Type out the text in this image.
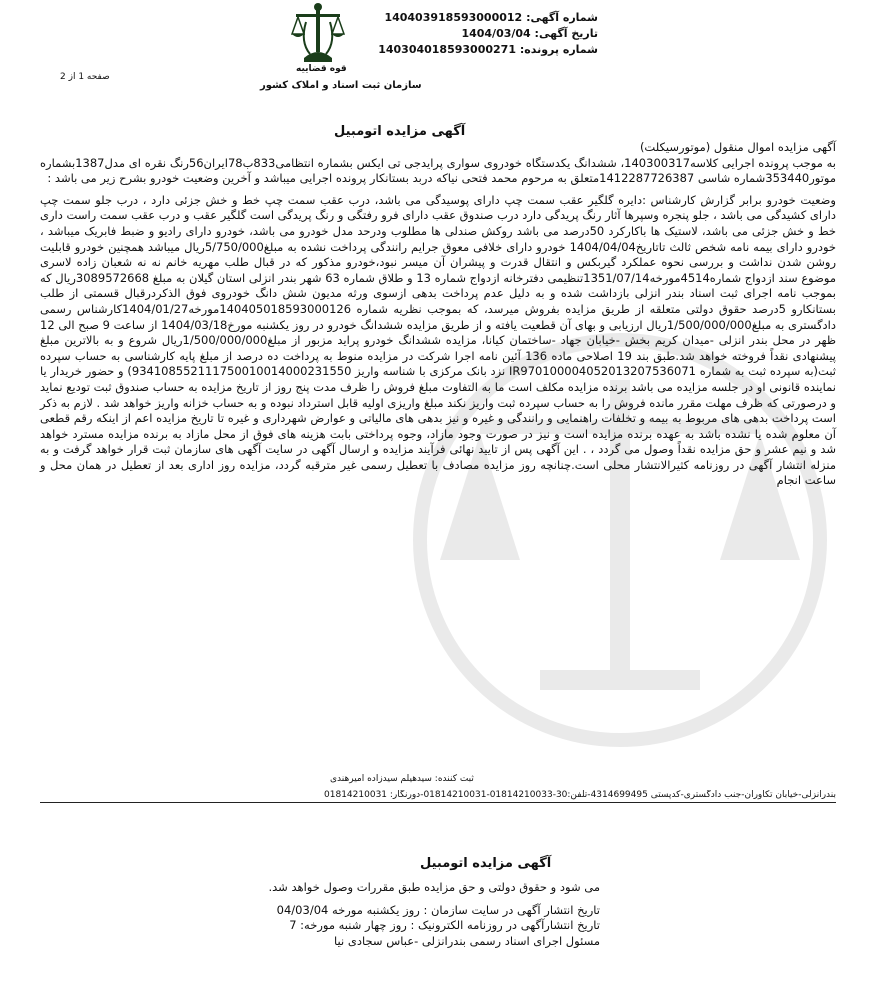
قوه قضاییه
سازمان ثبت اسناد و املاک کشور
شماره آگهی: 140403918593000012
تاریخ آگهی: 1404/03/04
شماره پرونده: 140304018593000271
صفحه 1 از 2
آگهی مزایده اتومبیل

آگهی مزایده اموال منقول (موتورسیکلت)

به موجب پرونده اجرایی کلاسه140300317، ششدانگ یکدستگاه خودروی سواری پرایدجی تی ایکس بشماره انتظامی833ب78ایران56رنگ نقره ای مدل1387بشماره موتور353440شماره شاسی 1412287726387متعلق به مرحوم محمد فتحی نیاکه دربد بستانکار پرونده اجرایی میباشد و آخرین وضعیت خودرو بشرح زیر می باشد :

وضعیت خودرو برابر گزارش کارشناس :دایره گلگیر عقب سمت چپ دارای پوسیدگی می باشد، درب عقب سمت چپ خط و خش جزئی دارد ، درب جلو سمت چپ دارای کشیدگی می باشد ، جلو پنجره وسپرها آثار رنگ پریدگی دارد درب صندوق عقب دارای فرو رفتگی و رنگ پریدگی است گلگیر عقب و درب عقب سمت راست داری خط و خش جزئی می باشد، لاستیک ها باکارکرد 50درصد می باشد روکش صندلی ها مطلوب ودرحد مدل خودرو می باشد، خودرو دارای رادیو و ضبط فابریک میباشد ، خودرو دارای بیمه نامه شخص ثالث تاتاریخ1404/04/04 خودرو دارای خلافی معوق جرایم رانندگی پرداخت نشده به مبلغ5/750/000ریال میباشد همچنین خودرو قابلیت روشن شدن نداشت و بررسی نحوه عملکرد گیربکس و انتقال قدرت و پیشران آن میسر نبود،خودرو مذکور که در قبال طلب مهریه خانم نه نه شعبان زاده لاسری موضوع سند ازدواج شماره4514مورخه1351/07/14تنظیمی دفترخانه ازدواج شماره 13 و طلاق شماره 63 شهر بندر انزلی استان گیلان به مبلغ 3089572668ریال که بموجب نامه اجرای ثبت اسناد بندر انزلی بازداشت شده و به دلیل عدم پرداخت بدهی ازسوی ورثه مدیون شش دانگ خودروی فوق الذکردرقبال قسمتی از طلب بستانکارو 5درصد حقوق دولتی متعلقه از طریق مزایده بفروش میرسد، که بموجب نظریه شماره 140405018593000126مورخه1404/01/27کارشناس رسمی دادگستری به مبلغ1/500/000/000ریال ارزیابی و بهای آن قطعیت یافته و از طریق مزایده ششدانگ خودرو در روز یکشنبه مورخ1404/03/18 از ساعت 9 صبح الی 12 ظهر در محل بندر انزلی -میدان کریم بخش -خیابان جهاد -ساختمان کیانا، مزایده ششدانگ خودرو پراید مزبور از مبلغ1/500/000/000ریال شروع و به بالاترین مبلغ پیشنهادی نقداً فروخته خواهد شد.طبق بند 19 اصلاحی ماده 136 آئین نامه اجرا شرکت در مزایده منوط به پرداخت ده درصد از مبلغ پایه کارشناسی به حساب سپرده ثبت(به سپرده ثبت به شماره IR970100004052013207536071 نزد بانک مرکزی با شناسه واریز 934108552111750010014000231550) و حضور خریدار یا نماینده قانونی او در جلسه مزایده می باشد برنده مزایده مکلف است ما به التفاوت مبلغ فروش را ظرف مدت پنج روز از تاریخ مزایده به حساب صندوق ثبت تودیع نماید و درصورتی که ظرف مهلت مقرر مانده فروش را به حساب سپرده ثبت واریز نکند مبلغ واریزی اولیه قابل استرداد نبوده و به حساب خزانه واریز خواهد شد . لازم به ذکر است پرداخت بدهی های مربوط به بیمه و تخلفات راهنمایی و رانندگی و غیره و نیز بدهی های مالیاتی و عوارض شهرداری و غیره تا تاریخ مزایده اعم از اینکه رقم قطعی آن معلوم شده یا نشده باشد به عهده برنده مزایده است و نیز در صورت وجود مازاد، وجوه پرداختی بابت هزینه های فوق از محل مازاد به برنده مزایده مسترد خواهد شد و نیم عشر و حق مزایده نقداً وصول می گردد ، . این آگهی پس از تایید نهائی فرآیند مزایده و ارسال آگهی در سایت آگهی های سازمان ثبت قرار خواهد گرفت و به منزله انتشار آگهی در روزنامه کثیرالانتشار محلی است.چنانچه روز مزایده مصادف با تعطیل رسمی غیر مترقبه گردد، مزایده روز اداری بعد از تعطیل در همان محل و ساعت انجام

ثبت کننده: سیدهیلم سیدزاده امیرهندی
بندرانزلی-خیابان تکاوران-جنب دادگستری-کدپستی 4314699495-تلفن:30-01814210033-01814210031-دورنگار: 01814210031
آگهی مزایده اتومبیل

می شود و حقوق دولتی و حق مزایده طبق مقررات وصول خواهد شد.

تاریخ انتشار آگهی در سایت سازمان : روز یکشنبه مورخه 04/03/04

تاریخ انتشارآگهی در روزنامه الکترونیک : روز چهار شنبه مورخه: 7

مسئول اجرای اسناد رسمی بندرانزلی -عباس سجادی نیا
